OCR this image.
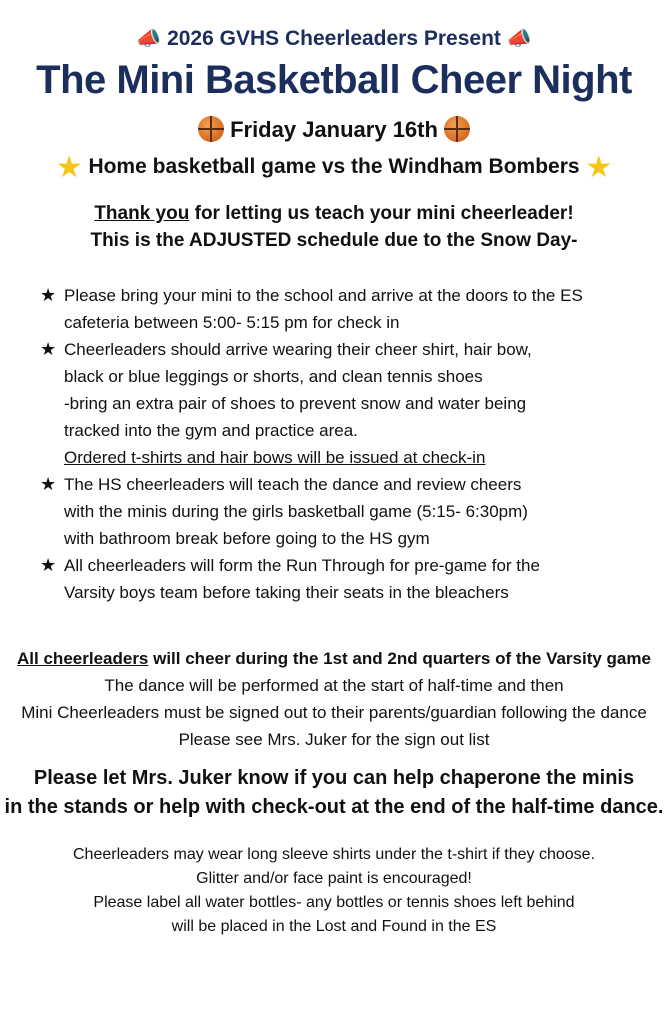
📣 2026 GVHS Cheerleaders Present 📣
The Mini Basketball Cheer Night
Friday January 16th
★ Home basketball game vs the Windham Bombers ★
Thank you for letting us teach your mini cheerleader!
This is the ADJUSTED schedule due to the Snow Day-
★ Please bring your mini to the school and arrive at the doors to the ES
cafeteria between 5:00- 5:15 pm for check in
★ Cheerleaders should arrive wearing their cheer shirt, hair bow,
black or blue leggings or shorts, and clean tennis shoes
-bring an extra pair of shoes to prevent snow and water being
tracked into the gym and practice area.
Ordered t-shirts and hair bows will be issued at check-in
★ The HS cheerleaders will teach the dance and review cheers
with the minis during the girls basketball game (5:15- 6:30pm)
with bathroom break before going to the HS gym
★ All cheerleaders will form the Run Through for pre-game for the
Varsity boys team before taking their seats in the bleachers
All cheerleaders will cheer during the 1st and 2nd quarters of the Varsity game
The dance will be performed at the start of half-time and then
Mini Cheerleaders must be signed out to their parents/guardian following the dance
Please see Mrs. Juker for the sign out list
Please let Mrs. Juker know if you can help chaperone the minis
in the stands or help with check-out at the end of the half-time dance.
Cheerleaders may wear long sleeve shirts under the t-shirt if they choose.
Glitter and/or face paint is encouraged!
Please label all water bottles- any bottles or tennis shoes left behind
will be placed in the Lost and Found in the ES
